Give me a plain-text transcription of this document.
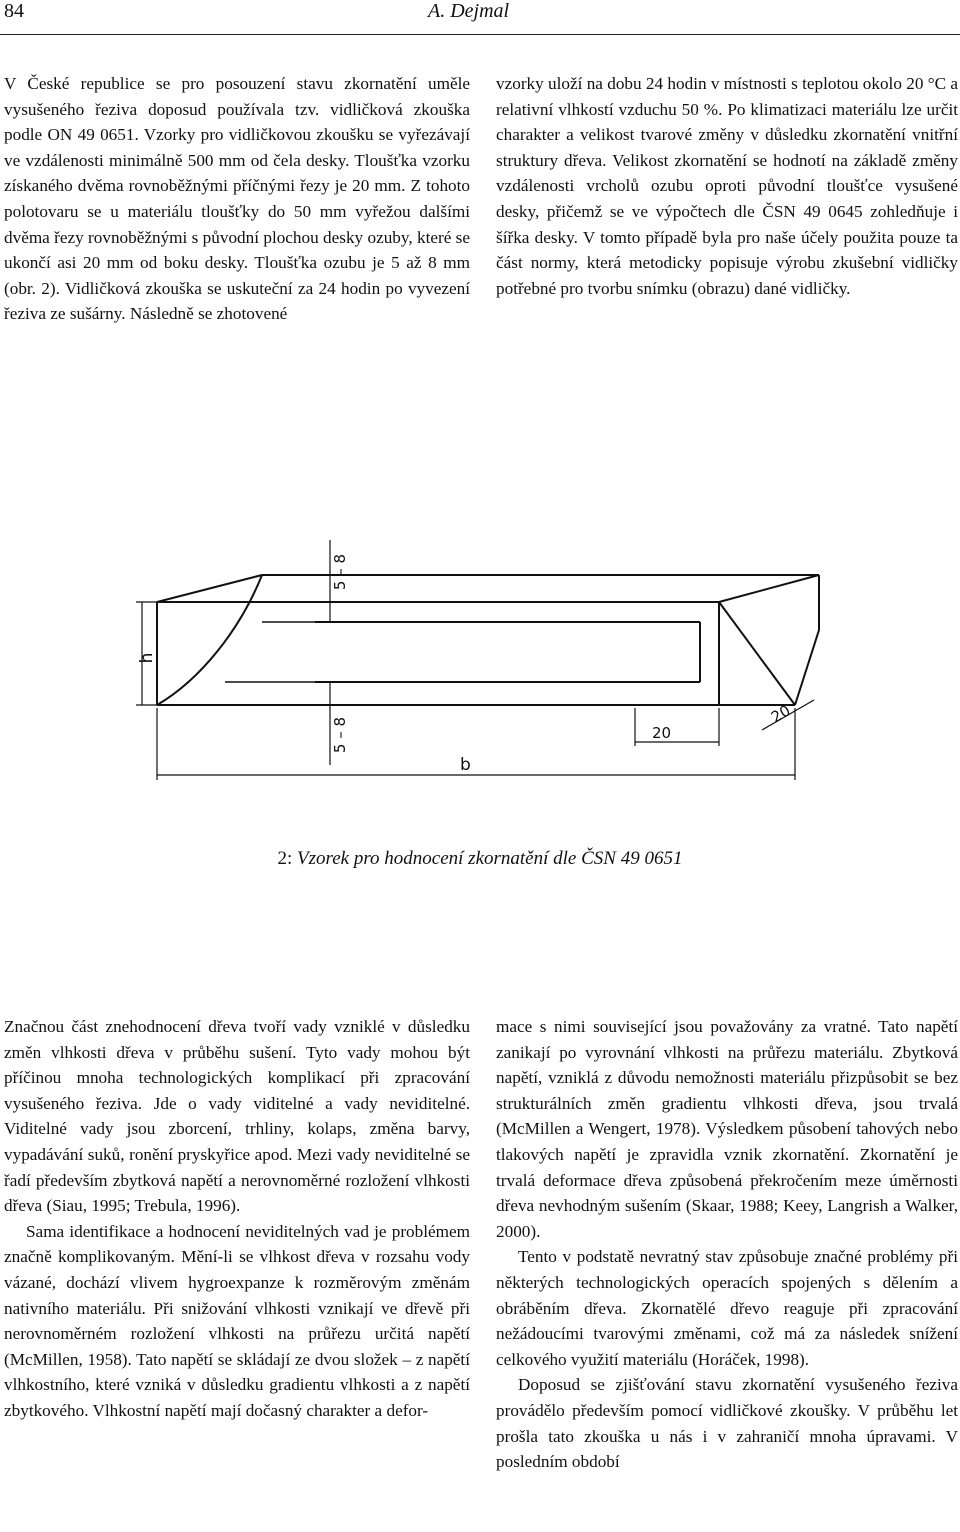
84	A. Dejmal

V České republice se pro posouzení stavu zkornatění uměle vysušeného řeziva doposud používala tzv. vidličková zkouška podle ON 49 0651. Vzorky pro vidličkovou zkoušku se vyřezávají ve vzdálenosti minimálně 500 mm od čela desky. Tloušťka vzorku získaného dvěma rovnoběžnými příčnými řezy je 20 mm. Z tohoto polotovaru se u materiálu tloušťky do 50 mm vyřežou dalšími dvěma řezy rovnoběžnými s původní plochou desky ozuby, které se ukončí asi 20 mm od boku desky. Tloušťka ozubu je 5 až 8 mm (obr. 2). Vidličková zkouška se uskuteční za 24 hodin po vyvezení řeziva ze sušárny. Následně se zhotovené

vzorky uloží na dobu 24 hodin v místnosti s teplotou okolo 20 °C a relativní vlhkostí vzduchu 50 %. Po klimatizaci materiálu lze určit charakter a velikost tvarové změny v důsledku zkornatění vnitřní struktury dřeva. Velikost zkornatění se hodnotí na základě změny vzdálenosti vrcholů ozubu oproti původní tloušťce vysušené desky, přičemž se ve výpočtech dle ČSN 49 0645 zohledňuje i šířka desky. V tomto případě byla pro naše účely použita pouze ta část normy, která metodicky popisuje výrobu zkušební vidličky potřebné pro tvorbu snímku (obrazu) dané vidličky.

5 – 8
5 – 8
h
b
20
20
2: Vzorek pro hodnocení zkornatění dle ČSN 49 0651

Značnou část znehodnocení dřeva tvoří vady vzniklé v důsledku změn vlhkosti dřeva v průběhu sušení. Tyto vady mohou být příčinou mnoha technologických komplikací při zpracování vysušeného řeziva. Jde o vady viditelné a vady neviditelné. Viditelné vady jsou zborcení, trhliny, kolaps, změna barvy, vypadávání suků, ronění pryskyřice apod. Mezi vady neviditelné se řadí především zbytková napětí a nerovnoměrné rozložení vlhkosti dřeva (Siau, 1995; Trebula, 1996).

Sama identifikace a hodnocení neviditelných vad je problémem značně komplikovaným. Mění-li se vlhkost dřeva v rozsahu vody vázané, dochází vlivem hygroexpanze k rozměrovým změnám nativního materiálu. Při snižování vlhkosti vznikají ve dřevě při nerovnoměrném rozložení vlhkosti na průřezu určitá napětí (McMillen, 1958). Tato napětí se skládají ze dvou složek – z napětí vlhkostního, které vzniká v důsledku gradientu vlhkosti a z napětí zbytkového. Vlhkostní napětí mají dočasný charakter a defor-

mace s nimi související jsou považovány za vratné. Tato napětí zanikají po vyrovnání vlhkosti na průřezu materiálu. Zbytková napětí, vzniklá z důvodu nemožnosti materiálu přizpůsobit se bez strukturálních změn gradientu vlhkosti dřeva, jsou trvalá (McMillen a Wengert, 1978). Výsledkem působení tahových nebo tlakových napětí je zpravidla vznik zkornatění. Zkornatění je trvalá deformace dřeva způsobená překročením meze úměrnosti dřeva nevhodným sušením (Skaar, 1988; Keey, Langrish a Walker, 2000).

Tento v podstatě nevratný stav způsobuje značné problémy při některých technologických operacích spojených s dělením a obráběním dřeva. Zkornatělé dřevo reaguje při zpracování nežádoucími tvarovými změnami, což má za následek snížení celkového využití materiálu (Horáček, 1998).

Doposud se zjišťování stavu zkornatění vysušeného řeziva provádělo především pomocí vidličkové zkoušky. V průběhu let prošla tato zkouška u nás i v zahraničí mnoha úpravami. V posledním období
